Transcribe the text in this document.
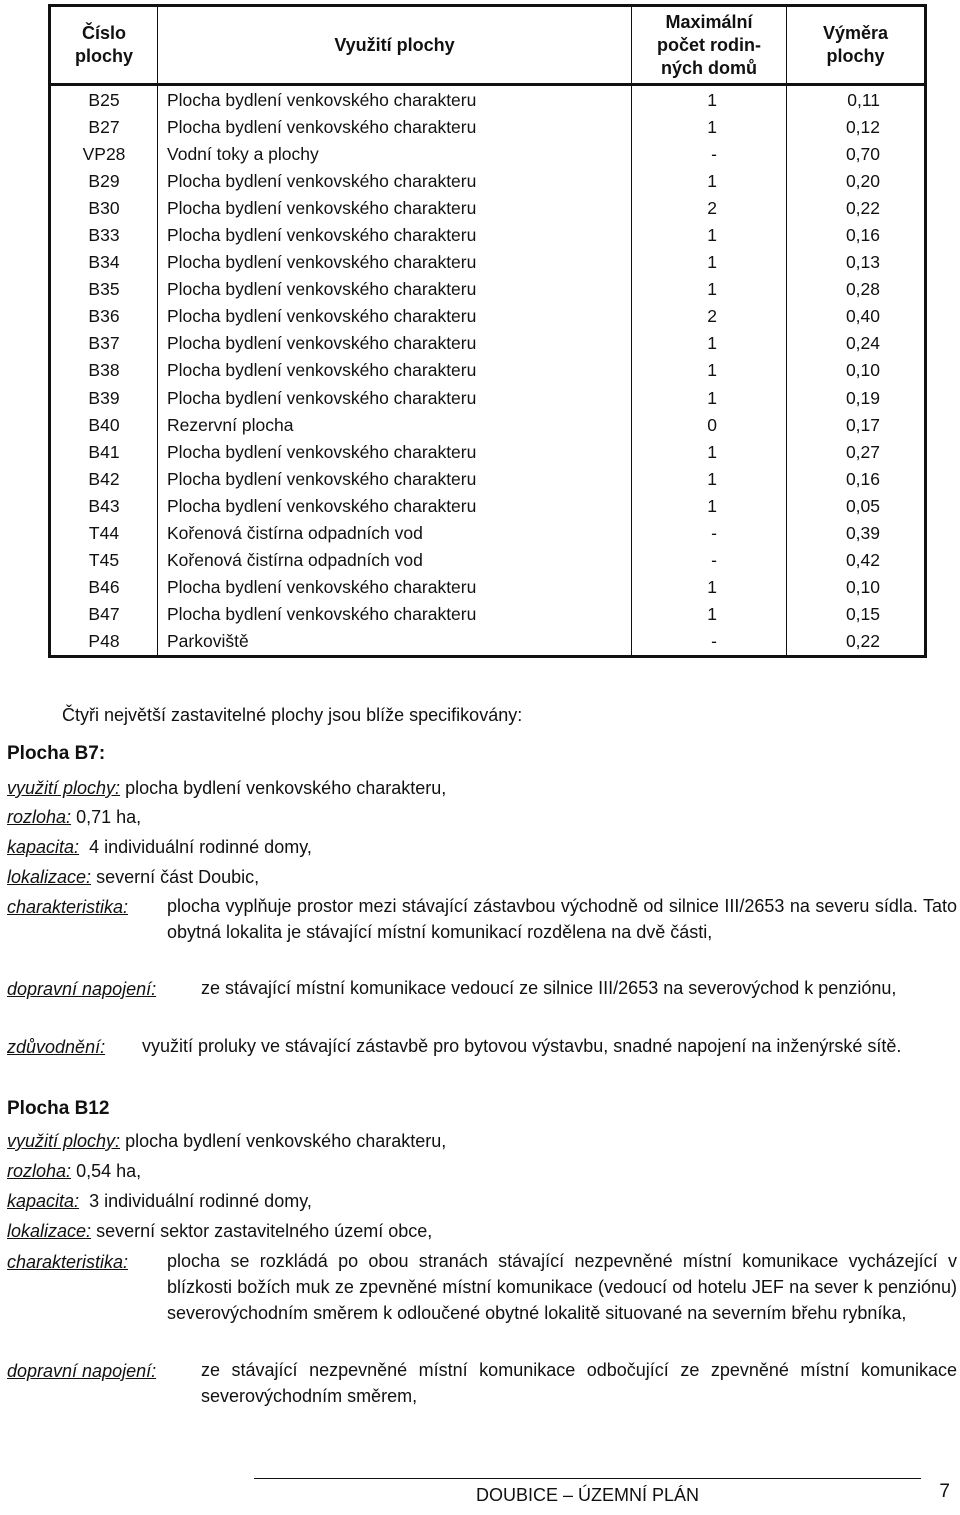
Číslo plochy	Využití plochy	Maximální počet rodin- ných domů	Výměra plochy

B25	Plocha bydlení venkovského charakteru	1	0,11
B27	Plocha bydlení venkovského charakteru	1	0,12
VP28	Vodní toky a plochy	-	0,70
B29	Plocha bydlení venkovského charakteru	1	0,20
B30	Plocha bydlení venkovského charakteru	2	0,22
B33	Plocha bydlení venkovského charakteru	1	0,16
B34	Plocha bydlení venkovského charakteru	1	0,13
B35	Plocha bydlení venkovského charakteru	1	0,28
B36	Plocha bydlení venkovského charakteru	2	0,40
B37	Plocha bydlení venkovského charakteru	1	0,24
B38	Plocha bydlení venkovského charakteru	1	0,10
B39	Plocha bydlení venkovského charakteru	1	0,19
B40	Rezervní plocha	0	0,17
B41	Plocha bydlení venkovského charakteru	1	0,27
B42	Plocha bydlení venkovského charakteru	1	0,16
B43	Plocha bydlení venkovského charakteru	1	0,05
T44	Kořenová čistírna odpadních vod	-	0,39
T45	Kořenová čistírna odpadních vod	-	0,42
B46	Plocha bydlení venkovského charakteru	1	0,10
B47	Plocha bydlení venkovského charakteru	1	0,15
P48	Parkoviště	-	0,22
Čtyři největší zastavitelné plochy jsou blíže specifikovány:
Plocha B7:
využití plochy: plocha bydlení venkovského charakteru,
rozloha: 0,71 ha,
kapacita: 4 individuální rodinné domy,
lokalizace: severní část Doubic,
charakteristika: plocha vyplňuje prostor mezi stávající zástavbou východně od silnice III/2653 na severu sídla. Tato obytná lokalita je stávající místní komunikací rozdělena na dvě části,
dopravní napojení: ze stávající místní komunikace vedoucí ze silnice III/2653 na severovýchod k penziónu,
zdůvodnění: využití proluky ve stávající zástavbě pro bytovou výstavbu, snadné napojení na inženýrské sítě.
Plocha B12
využití plochy: plocha bydlení venkovského charakteru,
rozloha: 0,54 ha,
kapacita: 3 individuální rodinné domy,
lokalizace: severní sektor zastavitelného území obce,
charakteristika: plocha se rozkládá po obou stranách stávající nezpevněné místní komunikace vycházející v blízkosti božích muk ze zpevněné místní komunikace (vedoucí od hotelu JEF na sever k penziónu) severovýchodním směrem k odloučené obytné lokalitě situované na severním břehu rybníka,
dopravní napojení: ze stávající nezpevněné místní komunikace odbočující ze zpevněné místní komunikace severovýchodním směrem,
DOUBICE – ÚZEMNÍ PLÁN	7
